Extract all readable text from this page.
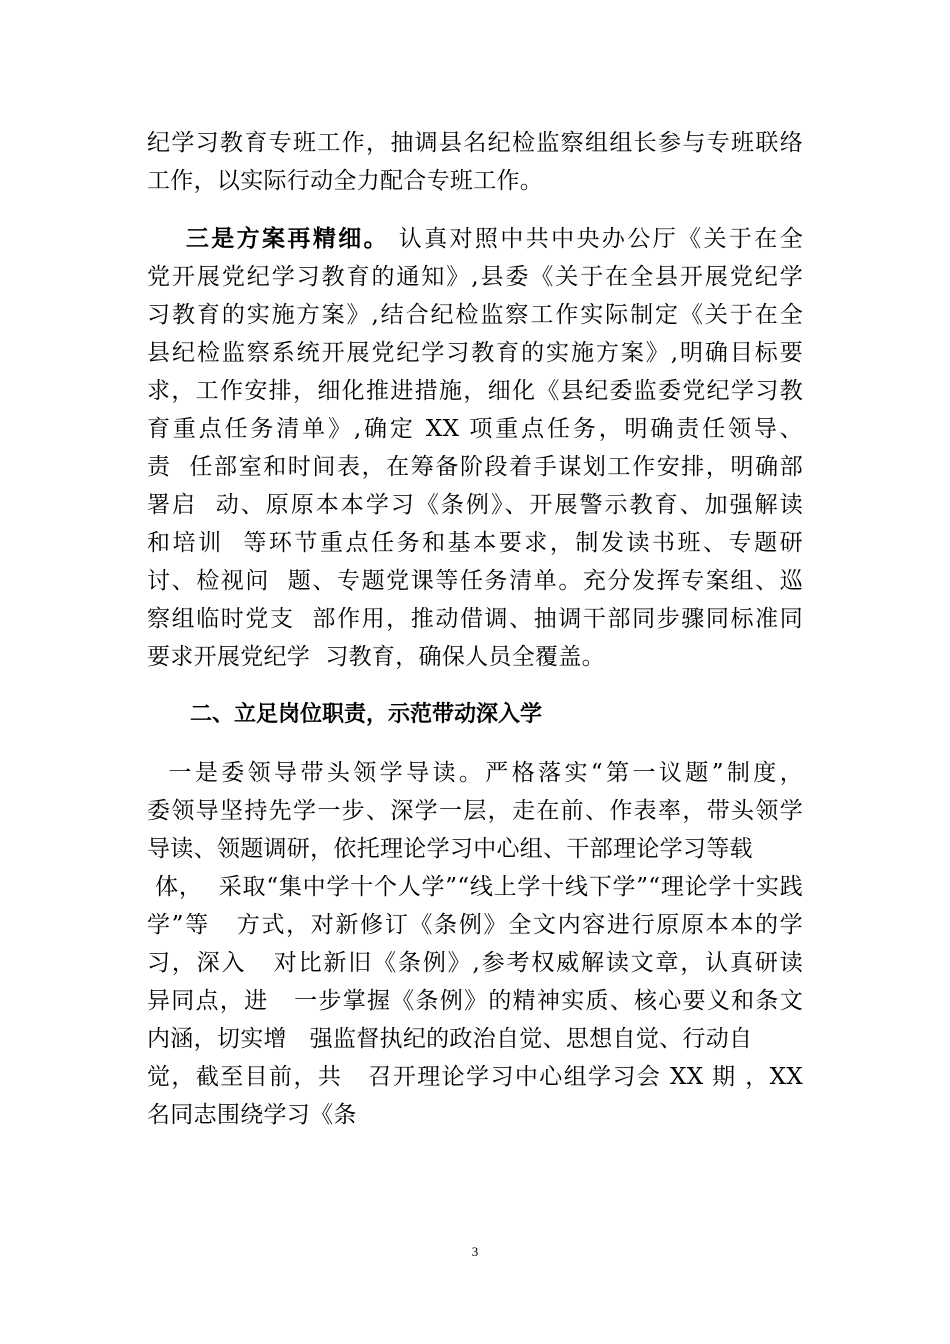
纪学习教育专班工作，抽调县名纪检监察组组长参与专班联络
工作，以实际行动全力配合专班工作。
三是方案再精细。 认真对照中共中央办公厅《关于在全
党开展党纪学习教育的通知》,县委《关于在全县开展党纪学
习教育的实施方案》,结合纪检监察工作实际制定《关于在全
县纪检监察系统开展党纪学习教育的实施方案》,明确目标要
求，工作安排，细化推进措施，细化《县纪委监委党纪学习教
育重点任务清单》,确定 XX 项重点任务，明确责任领导、
责  任部室和时间表，在筹备阶段着手谋划工作安排，明确部
署启  动、原原本本学习《条例》、开展警示教育、加强解读
和培训  等环节重点任务和基本要求，制发读书班、专题研
讨、检视问  题、专题党课等任务清单。充分发挥专案组、巡
察组临时党支  部作用，推动借调、抽调干部同步骤同标准同
要求开展党纪学  习教育，确保人员全覆盖。
二、立足岗位职责，示范带动深入学
一是委领导带头领学导读。严格落实“第一议题”制度，
委领导坚持先学一步、深学一层，走在前、作表率，带头领学
导读、领题调研，依托理论学习中心组、干部理论学习等载
体，  采取“集中学十个人学”“线上学十线下学”“理论学十实践
学”等   方式，对新修订《条例》全文内容进行原原本本的学
习，深入   对比新旧《条例》,参考权威解读文章，认真研读
异同点，进   一步掌握《条例》的精神实质、核心要义和条文
内涵，切实增   强监督执纪的政治自觉、思想自觉、行动自
觉，截至目前，共   召开理论学习中心组学习会 XX 期 ，XX
名同志围绕学习《条
3
